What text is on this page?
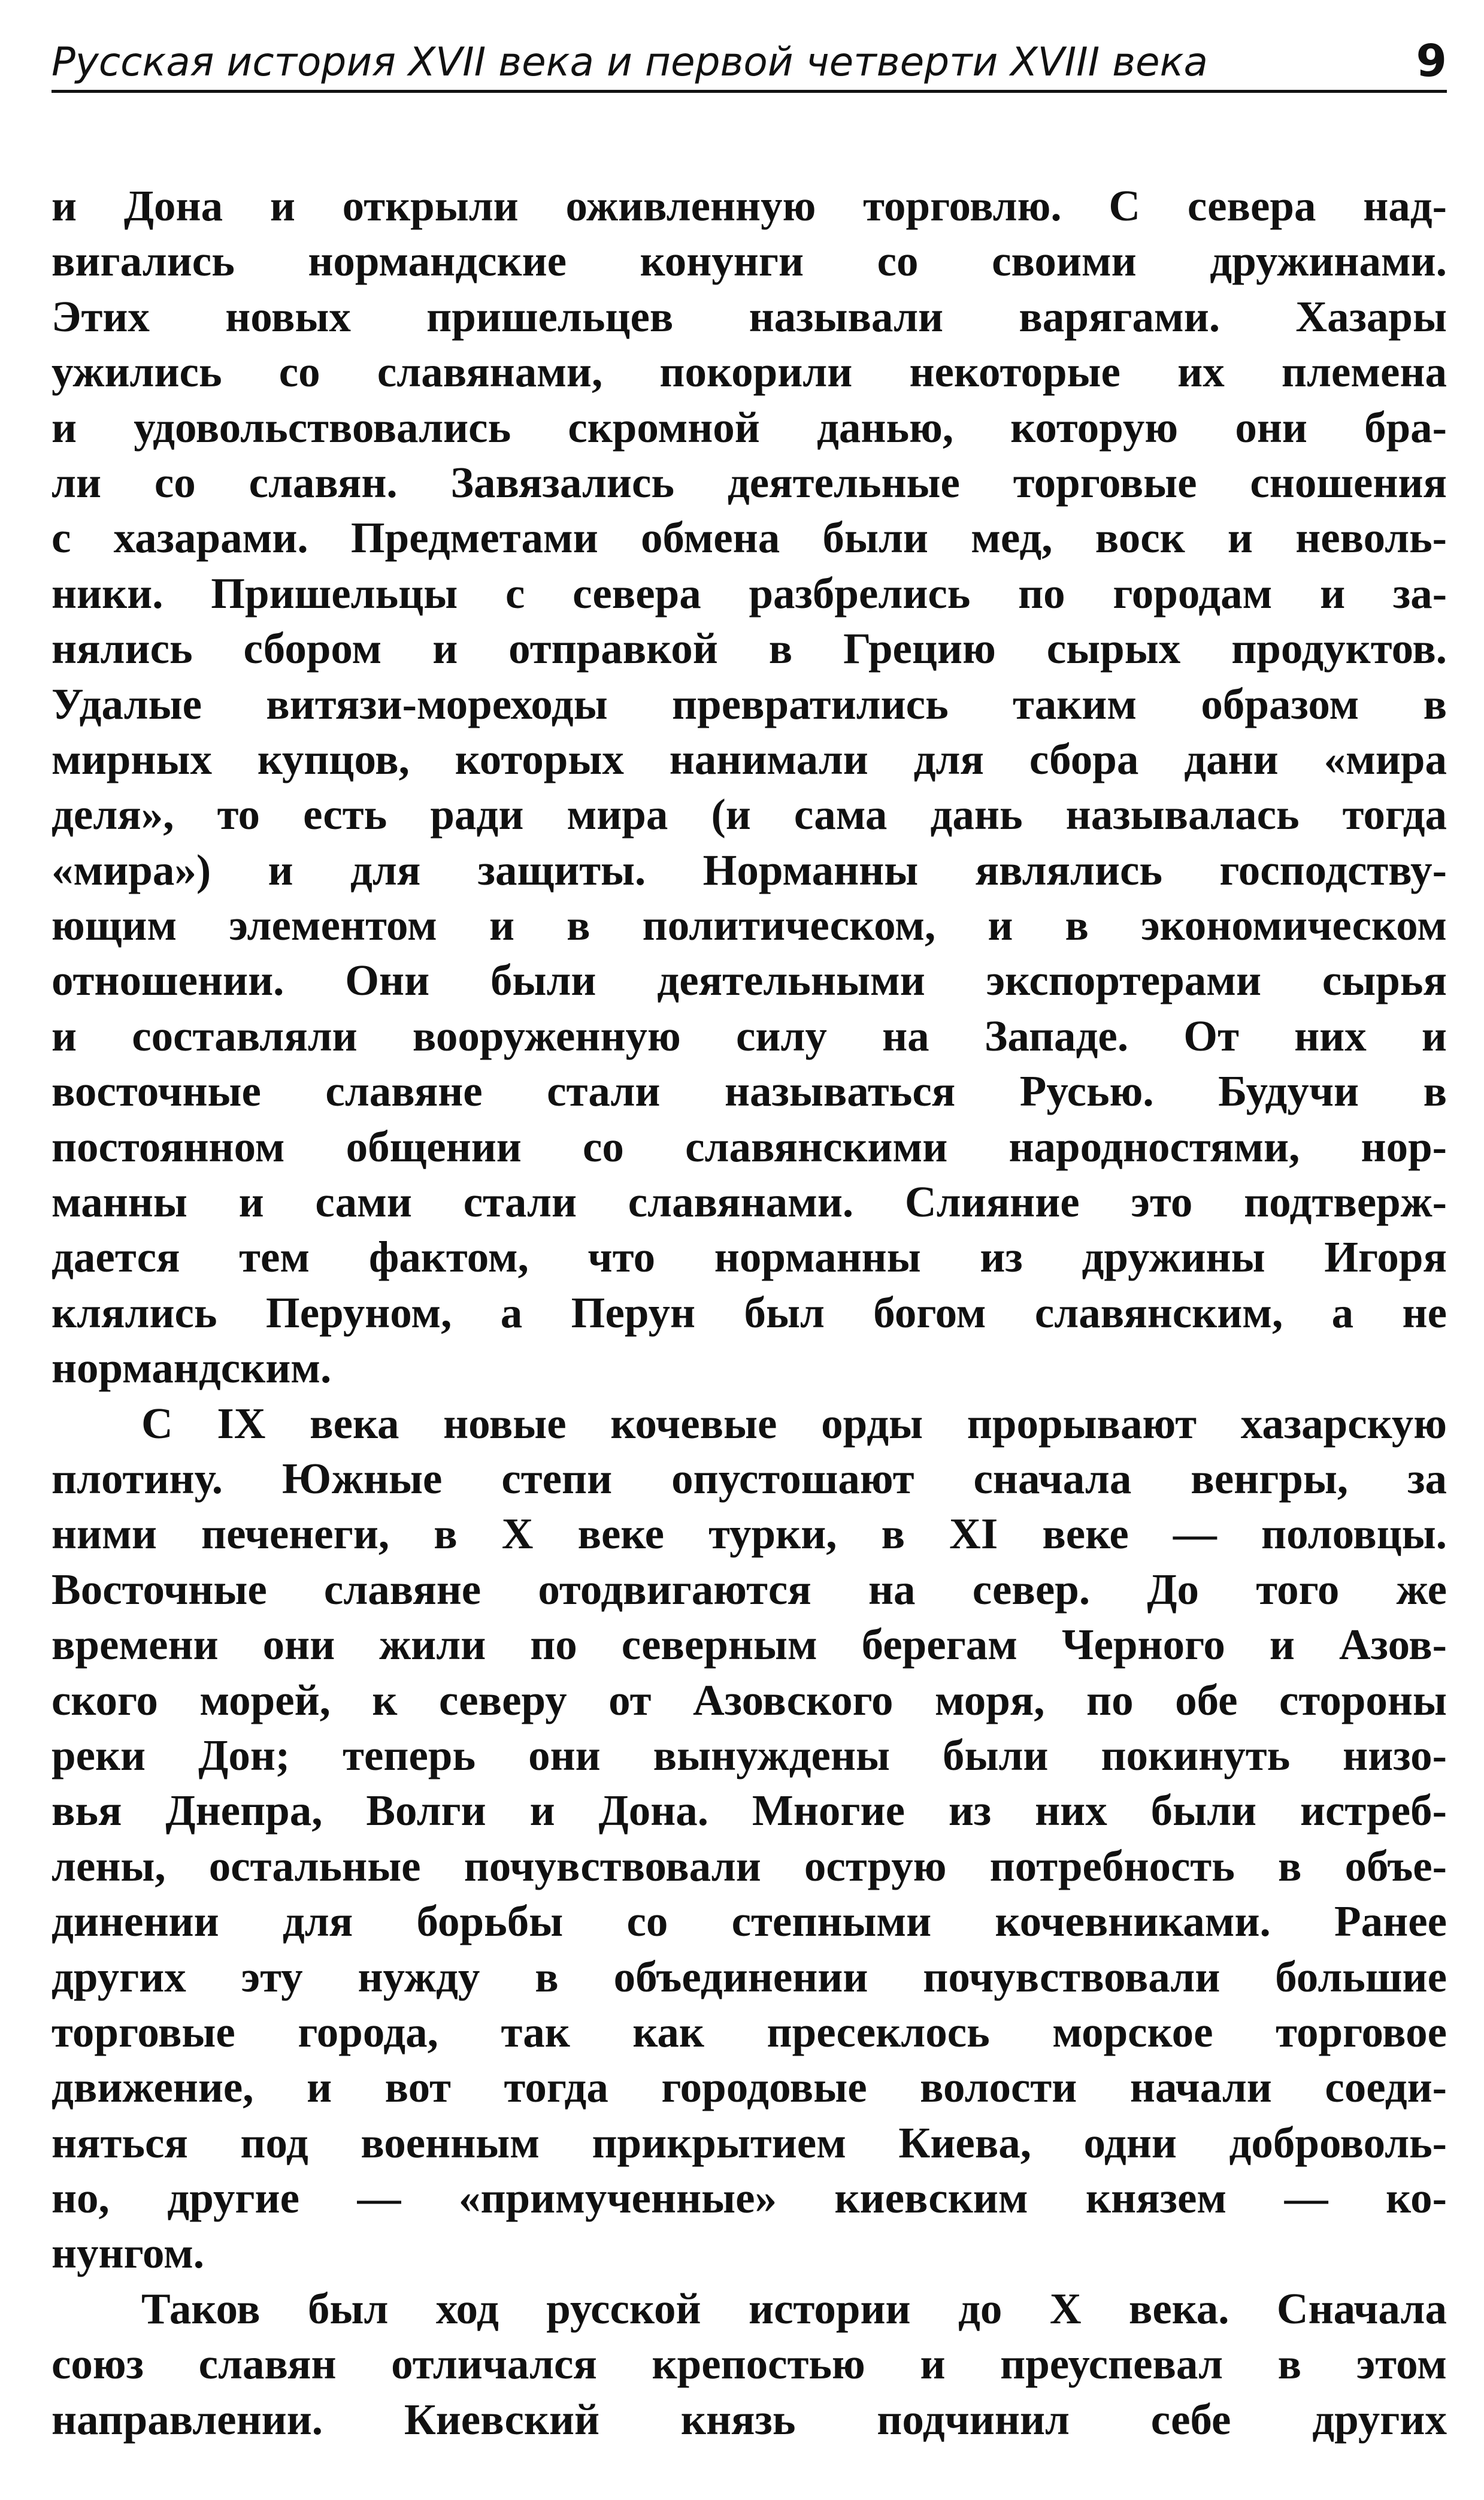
Русская история XVII века и первой четверти XVIII века	9
и Дона и открыли оживленную торговлю. С севера над-
вигались нормандские конунги со своими дружинами.
Этих новых пришельцев называли варягами. Хазары
ужились со славянами, покорили некоторые их племена
и удовольствовались скромной данью, которую они бра-
ли со славян. Завязались деятельные торговые сношения
с хазарами. Предметами обмена были мед, воск и неволь-
ники. Пришельцы с севера разбрелись по городам и за-
нялись сбором и отправкой в Грецию сырых продуктов.
Удалые витязи-мореходы превратились таким образом в
мирных купцов, которых нанимали для сбора дани «мира
деля», то есть ради мира (и сама дань называлась тогда
«мира») и для защиты. Норманны являлись господству-
ющим элементом и в политическом, и в экономическом
отношении. Они были деятельными экспортерами сырья
и составляли вооруженную силу на Западе. От них и
восточные славяне стали называться Русью. Будучи в
постоянном общении со славянскими народностями, нор-
манны и сами стали славянами. Слияние это подтверж-
дается тем фактом, что норманны из дружины Игоря
клялись Перуном, а Перун был богом славянским, а не
нормандским.
С IX века новые кочевые орды прорывают хазарскую
плотину. Южные степи опустошают сначала венгры, за
ними печенеги, в X веке турки, в XI веке — половцы.
Восточные славяне отодвигаются на север. До того же
времени они жили по северным берегам Черного и Азов-
ского морей, к северу от Азовского моря, по обе стороны
реки Дон; теперь они вынуждены были покинуть низо-
вья Днепра, Волги и Дона. Многие из них были истреб-
лены, остальные почувствовали острую потребность в объе-
динении для борьбы со степными кочевниками. Ранее
других эту нужду в объединении почувствовали большие
торговые города, так как пресеклось морское торговое
движение, и вот тогда городовые волости начали соеди-
няться под военным прикрытием Киева, одни доброволь-
но, другие — «примученные» киевским князем — ко-
нунгом.
Таков был ход русской истории до X века. Сначала
союз славян отличался крепостью и преуспевал в этом
направлении. Киевский князь подчинил себе других
